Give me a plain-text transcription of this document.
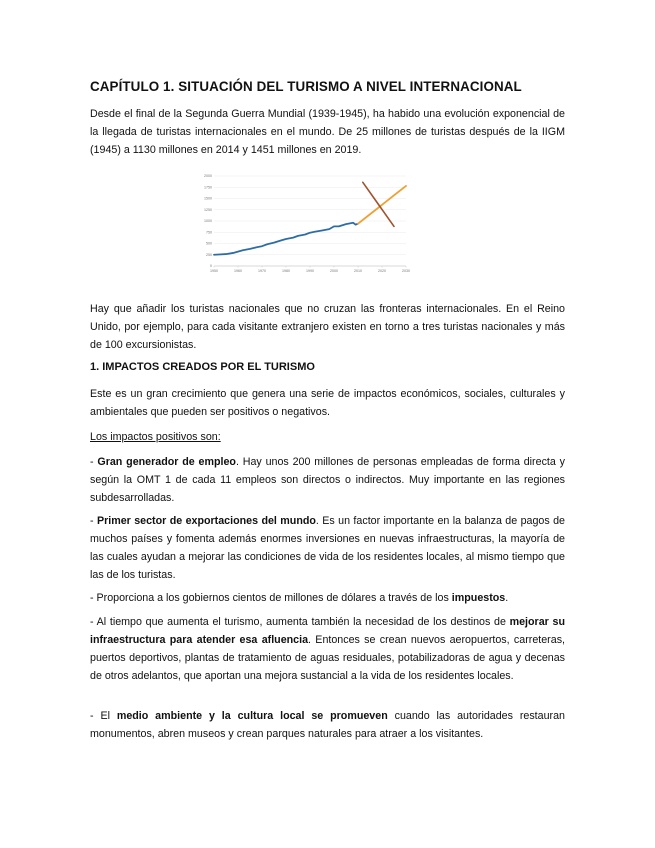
CAPÍTULO 1. SITUACIÓN DEL TURISMO A NIVEL INTERNACIONAL

Desde el final de la Segunda Guerra Mundial (1939-1945), ha habido una evolución exponencial de la llegada de turistas internacionales en el mundo. De 25 millones de turistas después de la IIGM (1945) a 1130 millones en 2014 y 1451 millones en 2019.

0
250
500
750
1000
1250
1500
1750
2000
1950	1960	1970	1980	1990	2000	2010	2020	2030

Hay que añadir los turistas nacionales que no cruzan las fronteras internacionales. En el Reino Unido, por ejemplo, para cada visitante extranjero existen en torno a tres turistas nacionales y más de 100 excursionistas.

1. IMPACTOS CREADOS POR EL TURISMO

Este es un gran crecimiento que genera una serie de impactos económicos, sociales, culturales y ambientales que pueden ser positivos o negativos.

Los impactos positivos son:

- Gran generador de empleo. Hay unos 200 millones de personas empleadas de forma directa y según la OMT 1 de cada 11 empleos son directos o indirectos. Muy importante en las regiones subdesarrolladas.

- Primer sector de exportaciones del mundo. Es un factor importante en la balanza de pagos de muchos países y fomenta además enormes inversiones en nuevas infraestructuras, la mayoría de las cuales ayudan a mejorar las condiciones de vida de los residentes locales, al mismo tiempo que las de los turistas.

- Proporciona a los gobiernos cientos de millones de dólares a través de los impuestos.

- Al tiempo que aumenta el turismo, aumenta también la necesidad de los destinos de mejorar su infraestructura para atender esa afluencia. Entonces se crean nuevos aeropuertos, carreteras, puertos deportivos, plantas de tratamiento de aguas residuales, potabilizadoras de agua y decenas de otros adelantos, que aportan una mejora sustancial a la vida de los residentes locales.

- El medio ambiente y la cultura local se promueven cuando las autoridades restauran monumentos, abren museos y crean parques naturales para atraer a los visitantes.
